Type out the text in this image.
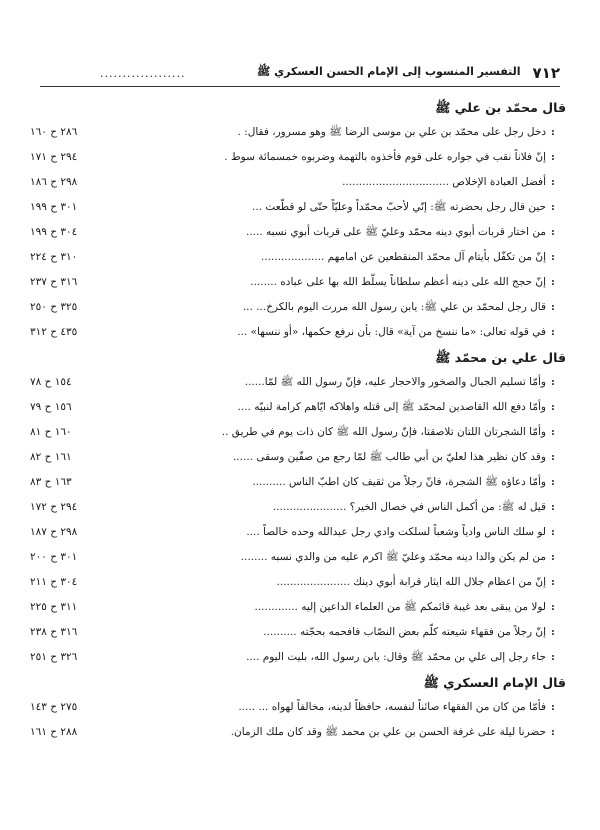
٧١٢
التفسير المنسوب إلى الإمام الحسن العسكري ﷺ
...................
قال محمّد بن علي ﷺ
:
دخل رجل على محمّد بن علي بن موسى الرضا ﷺ وهو مسرور، فقال: .
٢٨٦ ح ١٦٠
:
إنّ فلاناً نقب في جواره على قوم فأخذوه بالتهمة وضربوه خمسمائة سوط .
٢٩٤ ح ١٧١
:
أفضل العبادة الإخلاص ................................
٢٩٨ ح ١٨٦
:
حين قال رجل بحضرته ﷺ: إنّي لأحبّ محمّداً وعليّاً حتّى لو قطّعت ...
٣٠١ ح ١٩٩
:
من اختار قربات أبوي دينه محمّد وعليّ ﷺ على قربات أبوي نسبه .....
٣٠٤ ح ١٩٩
:
إنّ من تكفّل بأيتام آل محمّد المنقطعين عن امامهم ...................
٣١٠ ح ٢٢٤
:
إنّ حجج الله على دينه أعظم سلطاناً يسلّط الله بها على عباده ........
٣١٦ ح ٢٣٧
:
قال رجل لمحمّد بن علي ﷺ: يابن رسول الله مررت اليوم بالكرخ... ...
٣٢٥ ح ٢٥٠
:
في قوله تعالى: «ما ننسخ من آية» قال: بأن نرفع حكمها، «أو ننسها» ...
٤٣٥ ح ٣١٢
قال علي بن محمّد ﷺ
:
وأمّا تسليم الجبال والصخور والاحجار عليه، فإنّ رسول الله ﷺ لمّا......
١٥٤ ح ٧٨
:
وأمّا دفع الله القاصدين لمحمّد ﷺ إلى قتله واهلاكه ايّاهم كرامة لنبيّه ....
١٥٦ ح ٧٩
:
وأمّا الشجرتان اللتان تلاصقتا، فإنّ رسول الله ﷺ كان ذات يوم في طريق ..
١٦٠ ح ٨١
:
وقد كان نظير هذا لعليّ بن أبي طالب ﷺ لمّا رجع من صفّين وسقى ......
١٦١ ح ٨٢
:
وأمّا دعاؤه ﷺ الشجرة، فانّ رجلاً من ثقيف كان اطبّ الناس ..........
١٦٣ ح ٨٣
:
قيل له ﷺ: من أكمل الناس في خصال الخير؟ ......................
٢٩٤ ح ١٧٢
:
لو سلك الناس وادياً وشعباً لسلكت وادي رجل عبدالله وحده خالصاً ....
٢٩٨ ح ١٨٧
:
من لم يكن والدا دينه محمّد وعليّ ﷺ اكرم عليه من والدي نسبه ........
٣٠١ ح ٢٠٠
:
إنّ من اعظام جلال الله ايثار قرابة أبوي دينك ......................
٣٠٤ ح ٢١١
:
لولا من يبقى بعد غيبة قائمكم ﷺ من العلماء الداعين إليه .............
٣١١ ح ٢٢٥
:
إنّ رجلاً من فقهاء شيعته كلّم بعض النصّاب فافحمه بحجّته ..........
٣١٦ ح ٢٣٨
:
جاء رجل إلى علي بن محمّد ﷺ وقال: يابن رسول الله، بليت اليوم ....
٣٢٦ ح ٢٥١
قال الإمام العسكري ﷺ
:
فأمّا من كان من الفقهاء صائناً لنفسه، حافظاً لدينه، مخالفاً لهواه ... .....
٢٧٥ ح ١٤٣
:
حضرنا ليلة على غرفة الحسن بن علي بن محمد ﷺ وقد كان ملك الزمان.
٢٨٨ ح ١٦١
